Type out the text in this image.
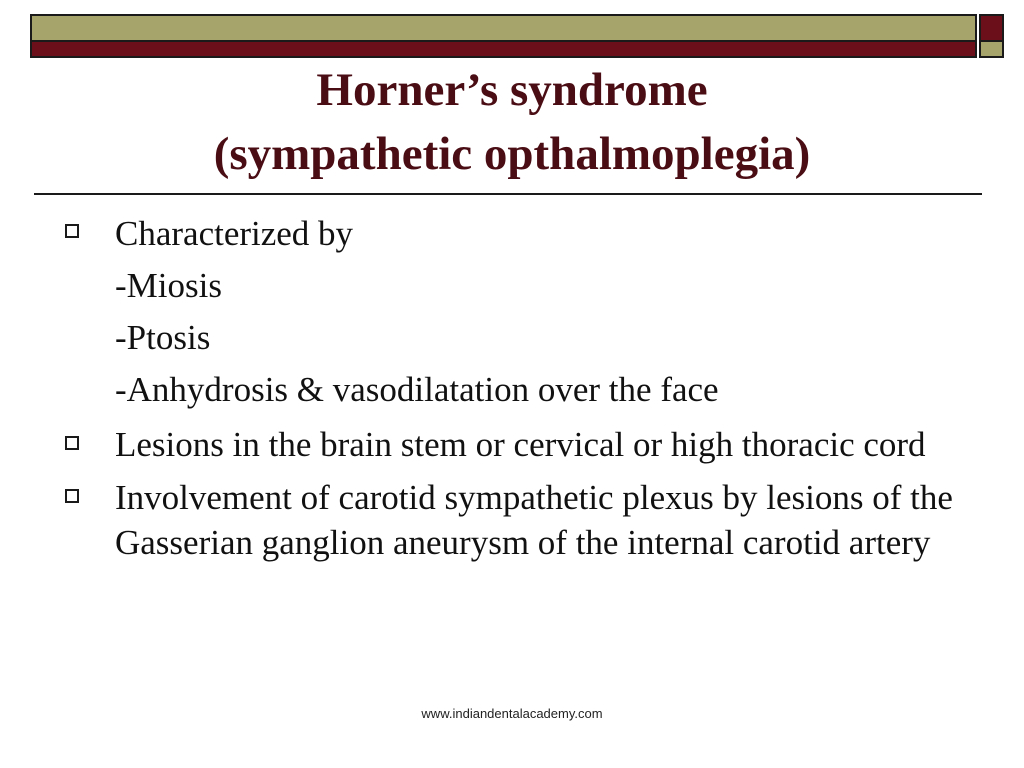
Horner’s syndrome
(sympathetic opthalmoplegia)
Characterized by
-Miosis
-Ptosis
-Anhydrosis & vasodilatation over the face
Lesions in the brain stem or cervical or high thoracic cord
Involvement of carotid sympathetic plexus by lesions of the Gasserian ganglion aneurysm of the internal carotid artery
www.indiandentalacademy.com
